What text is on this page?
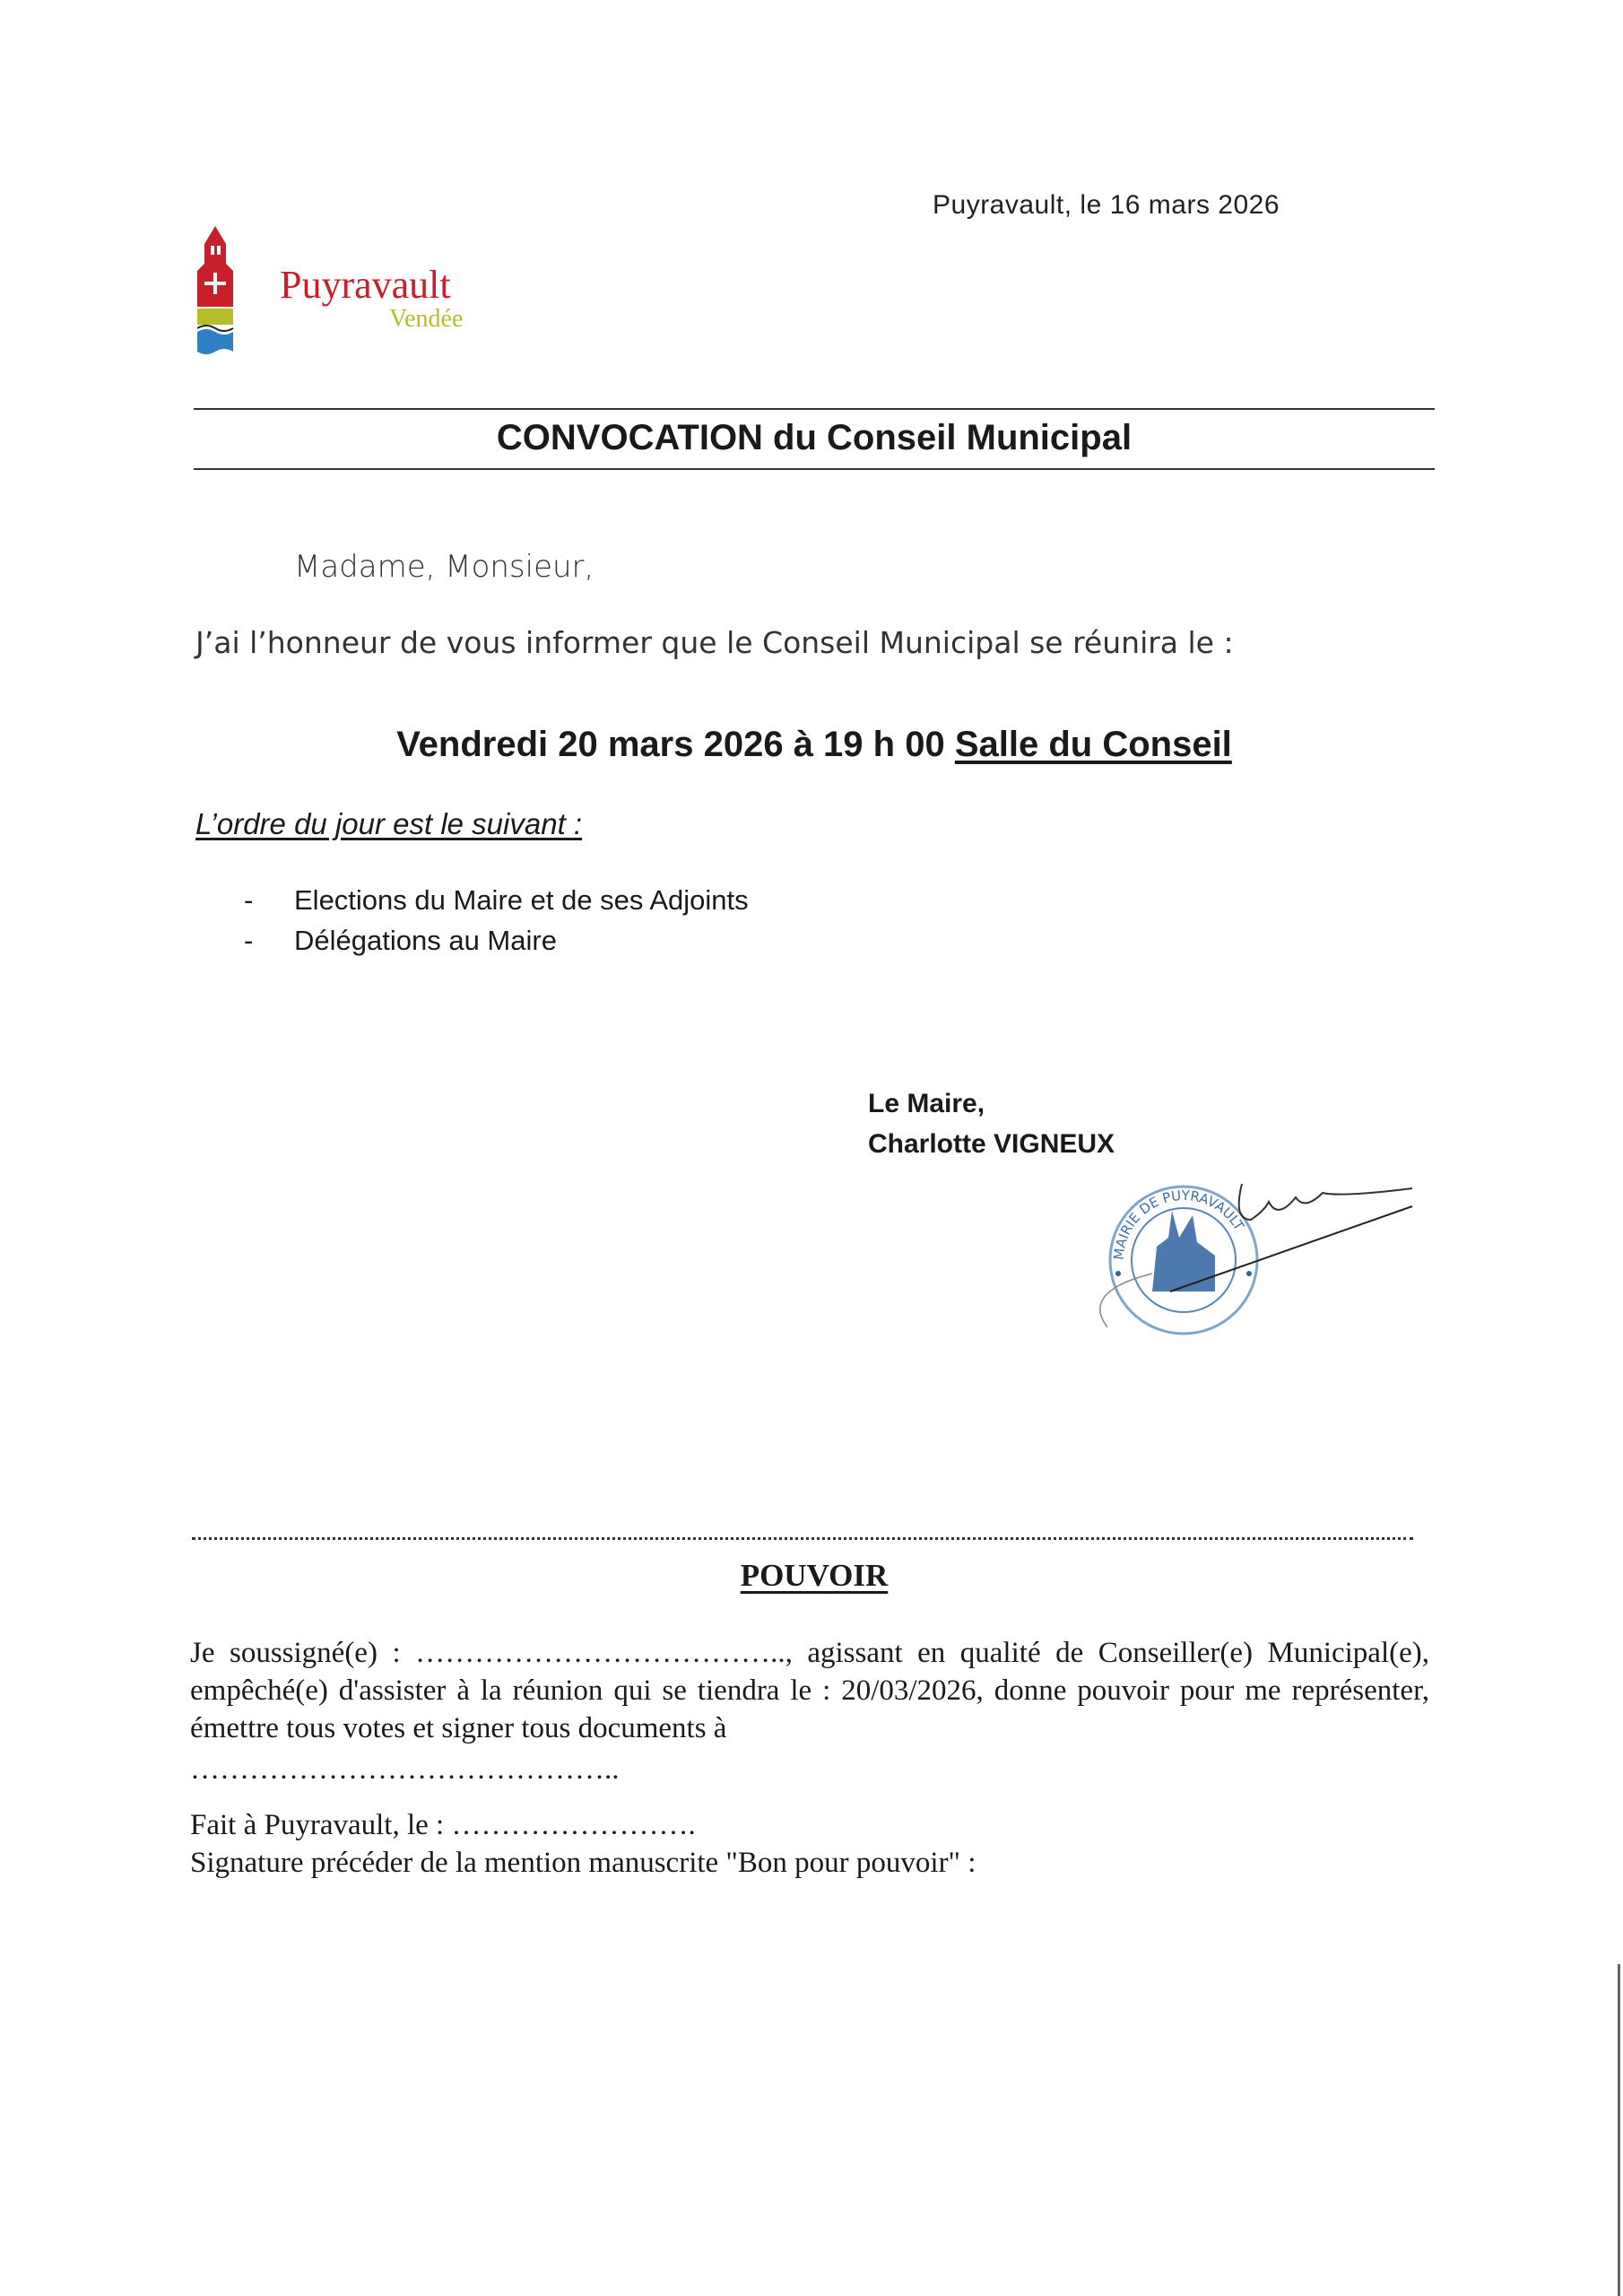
Puyravault, le 16 mars 2026
Puyravault
Vendée
CONVOCATION du Conseil Municipal
Madame, Monsieur,
J’ai l’honneur de vous informer que le Conseil Municipal se réunira le :
Vendredi 20 mars 2026 à 19 h 00 Salle du Conseil
L’ordre du jour est le suivant :
- Elections du Maire et de ses Adjoints
- Délégations au Maire
Le Maire,
Charlotte VIGNEUX
MAIRIE DE PUYRAVAULT
POUVOIR
Je soussigné(e) : ……………………………….., agissant en qualité de Conseiller(e) Municipal(e), empêché(e) d'assister à la réunion qui se tiendra le : 20/03/2026, donne pouvoir pour me représenter, émettre tous votes et signer tous documents à
……………………………………..
Fait à Puyravault, le : …………………….
Signature précéder de la mention manuscrite "Bon pour pouvoir" :
